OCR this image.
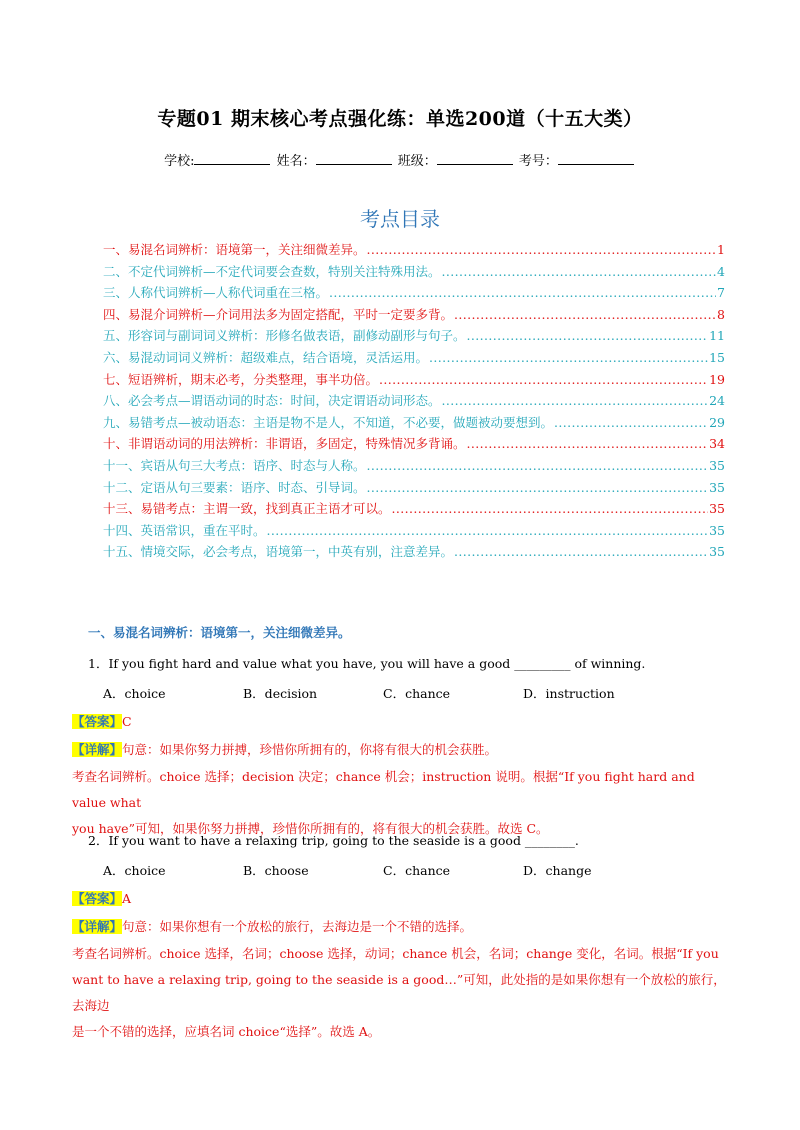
专题01 期末核心考点强化练：单选200道（十五大类）
学校:	姓名：	班级：	考号：
考点目录
一、易混名词辨析：语境第一，关注细微差异。 .....	1
二、不定代词辨析—不定代词要会查数，特别关注特殊用法。 .....	4
三、人称代词辨析—人称代词重在三格。 .....	7
四、易混介词辨析—介词用法多为固定搭配，平时一定要多背。 .....	8
五、形容词与副词词义辨析：形修名做表语，副修动副形与句子。 .....	11
六、易混动词词义辨析：超级难点，结合语境，灵活运用。 .....	15
七、短语辨析，期末必考，分类整理，事半功倍。 .....	19
八、必会考点—谓语动词的时态：时间，决定谓语动词形态。 .....	24
九、易错考点—被动语态：主语是物不是人，不知道，不必要，做题被动要想到。 .....	29
十、非谓语动词的用法辨析：非谓语，多固定，特殊情况多背诵。 .....	34
十一、宾语从句三大考点：语序、时态与人称。 .....	35
十二、定语从句三要素：语序、时态、引导词。 .....	35
十三、易错考点：主谓一致，找到真正主语才可以。 .....	35
十四、英语常识，重在平时。 .....	35
十五、情境交际，必会考点，语境第一，中英有别，注意差异。 .....	35
一、易混名词辨析：语境第一，关注细微差异。
1．If you fight hard and value what you have, you will have a good _________ of winning.
A．choice	B．decision	C．chance	D．instruction
【答案】C
【详解】句意：如果你努力拼搏，珍惜你所拥有的，你将有很大的机会获胜。
考查名词辨析。choice 选择；decision 决定；chance 机会；instruction 说明。根据“If you fight hard and value what
you have”可知，如果你努力拼搏，珍惜你所拥有的，将有很大的机会获胜。故选 C。
2．If you want to have a relaxing trip, going to the seaside is a good ________.
A．choice	B．choose	C．chance	D．change
【答案】A
【详解】句意：如果你想有一个放松的旅行，去海边是一个不错的选择。
考查名词辨析。choice 选择，名词；choose 选择，动词；chance 机会，名词；change 变化，名词。根据“If you
want to have a relaxing trip, going to the seaside is a good…”可知，此处指的是如果你想有一个放松的旅行，去海边
是一个不错的选择，应填名词 choice“选择”。故选 A。
